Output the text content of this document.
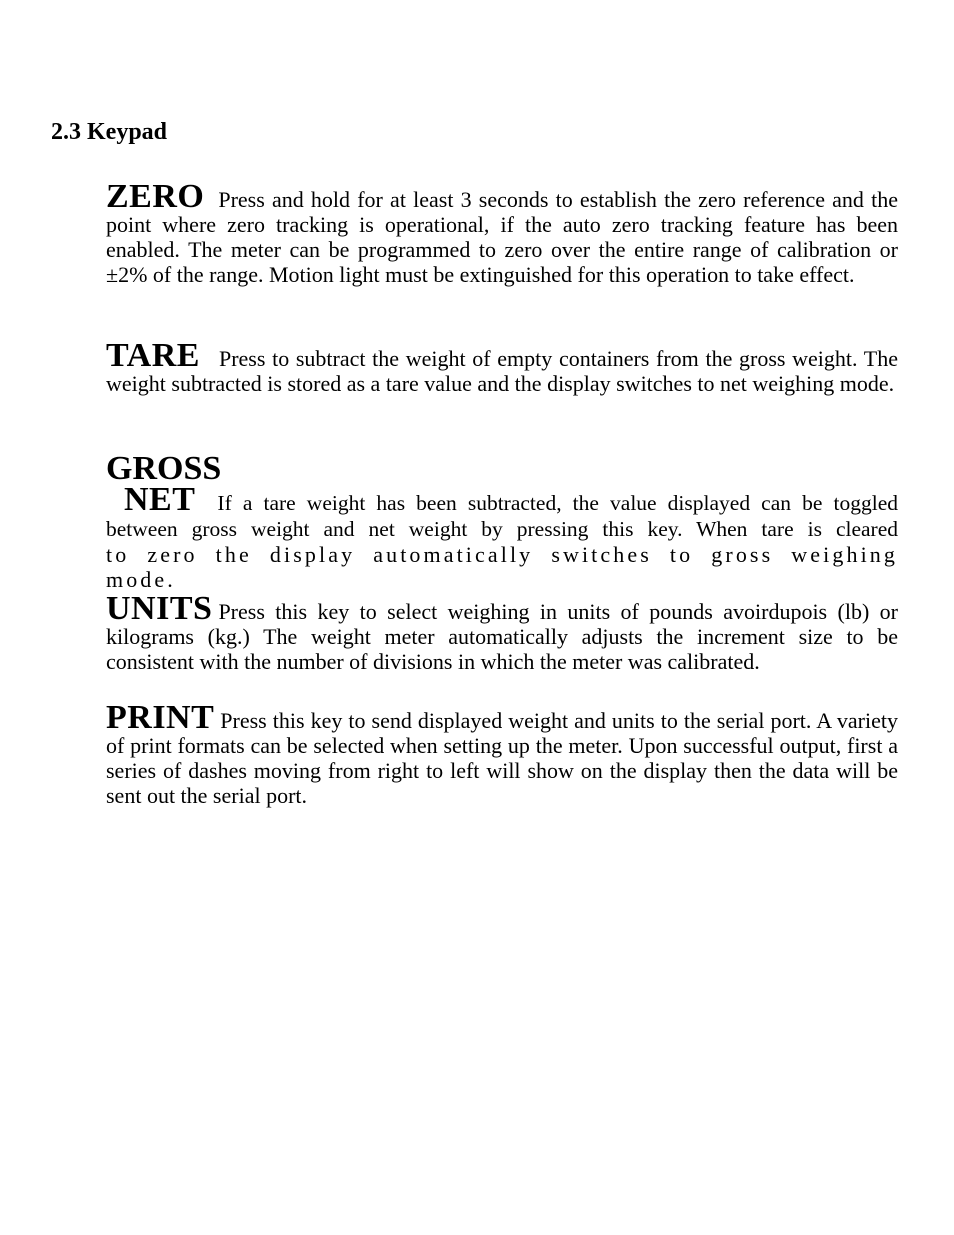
2.3 Keypad

ZERO Press and hold for at least 3 seconds to establish the zero reference and the point where zero tracking is operational, if the auto zero tracking feature has been enabled. The meter can be programmed to zero over the entire range of calibration or ±2% of the range. Motion light must be extinguished for this operation to take effect.

TARE Press to subtract the weight of empty containers from the gross weight. The weight subtracted is stored as a tare value and the display switches to net weighing mode.

GROSS

NET If a tare weight has been subtracted, the value displayed can be toggled between gross weight and net weight by pressing this key. When tare is cleared

to zero the display automatically switches to gross weighing mode.

UNITS Press this key to select weighing in units of pounds avoirdupois (lb) or kilograms (kg.) The weight meter automatically adjusts the increment size to be consistent with the number of divisions in which the meter was calibrated.

PRINT Press this key to send displayed weight and units to the serial port. A variety of print formats can be selected when setting up the meter. Upon successful output, first a series of dashes moving from right to left will show on the display then the data will be sent out the serial port.
